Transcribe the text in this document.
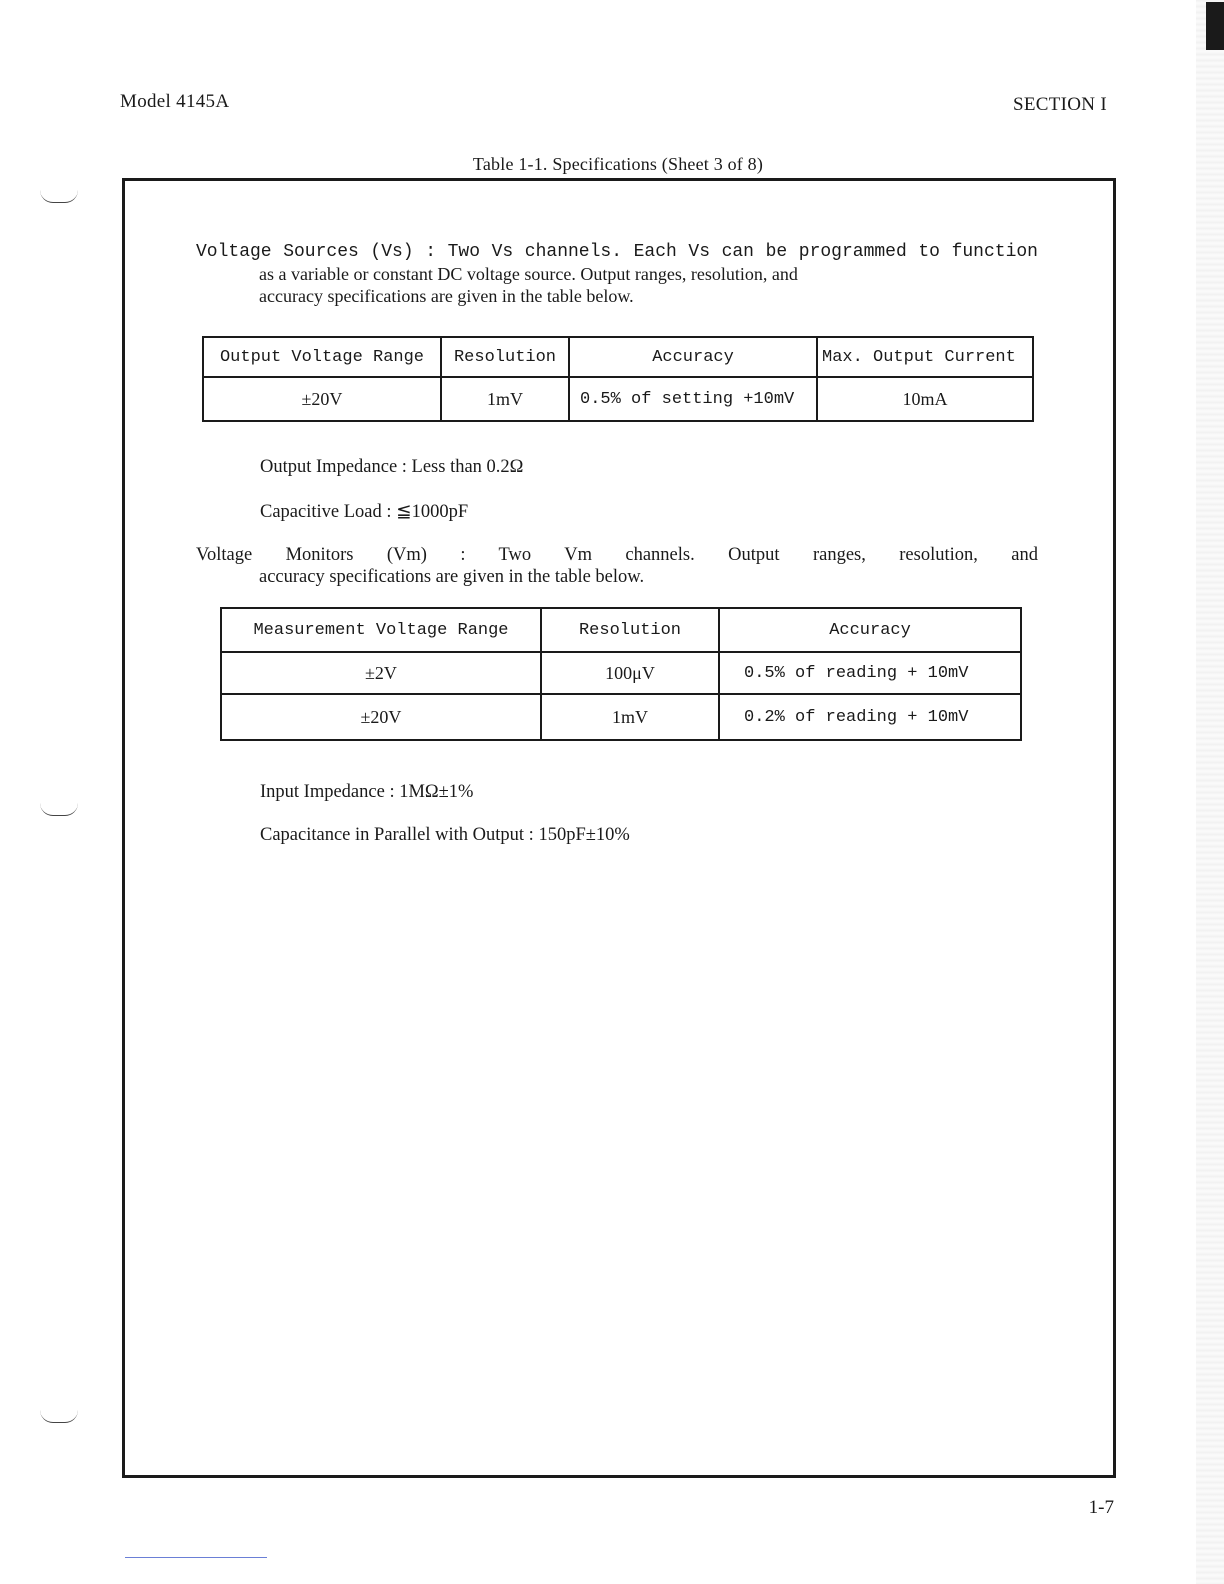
Model 4145A	SECTION I
Table 1-1. Specifications (Sheet 3 of 8)
Voltage Sources (Vs) : Two Vs channels. Each Vs can be programmed to function
as a variable or constant DC voltage source. Output ranges, resolution, and
accuracy specifications are given in the table below.
Output Voltage Range	Resolution	Accuracy	Max. Output Current
±20V	1mV	0.5% of setting +10mV	10mA
Output Impedance : Less than 0.2Ω
Capacitive Load : ≦1000pF
Voltage Monitors (Vm) : Two Vm channels. Output ranges, resolution, and
accuracy specifications are given in the table below.
Measurement Voltage Range	Resolution	Accuracy
±2V	100μV	0.5% of reading + 10mV
±20V	1mV	0.2% of reading + 10mV
Input Impedance : 1MΩ±1%
Capacitance in Parallel with Output : 150pF±10%
1-7
